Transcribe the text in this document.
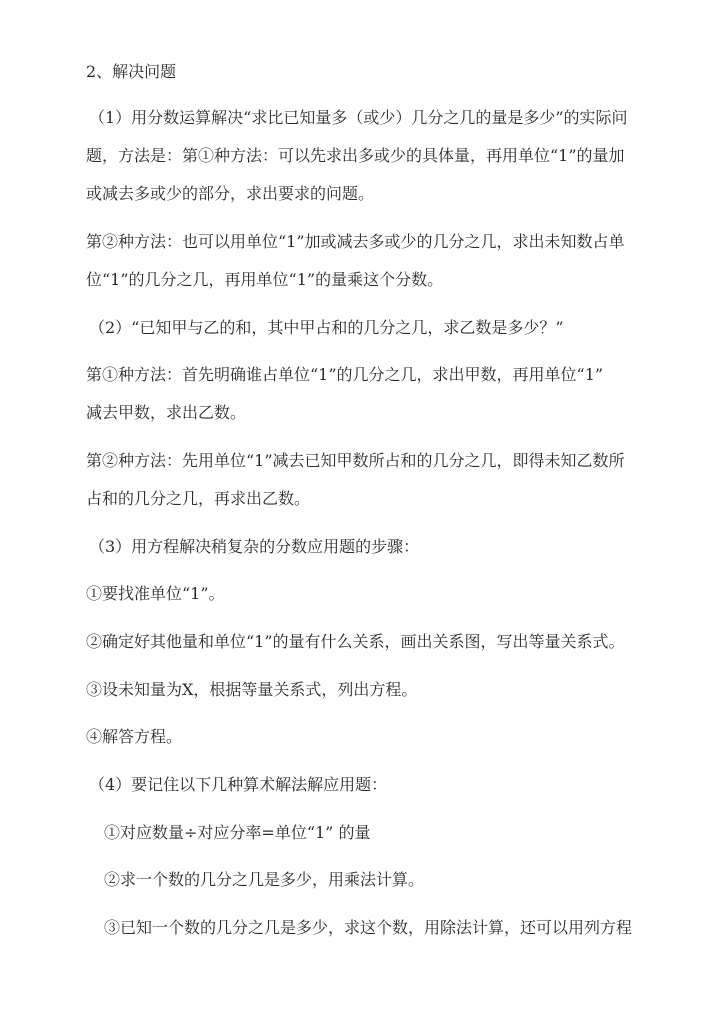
2、解决问题
（1）用分数运算解决“求比已知量多（或少）几分之几的量是多少”的实际问
题，方法是：第①种方法：可以先求出多或少的具体量，再用单位“1”的量加
或减去多或少的部分，求出要求的问题。
第②种方法：也可以用单位“1”加或减去多或少的几分之几，求出未知数占单
位“1”的几分之几，再用单位“1”的量乘这个分数。
（2）“已知甲与乙的和，其中甲占和的几分之几，求乙数是多少？”
第①种方法：首先明确谁占单位“1”的几分之几，求出甲数，再用单位“1”
减去甲数，求出乙数。
第②种方法：先用单位“1”减去已知甲数所占和的几分之几，即得未知乙数所
占和的几分之几，再求出乙数。
（3）用方程解决稍复杂的分数应用题的步骤：
①要找准单位“1”。
②确定好其他量和单位“1”的量有什么关系，画出关系图，写出等量关系式。
③设未知量为X，根据等量关系式，列出方程。
④解答方程。
（4）要记住以下几种算术解法解应用题：
①对应数量÷对应分率=单位“1” 的量
②求一个数的几分之几是多少，用乘法计算。
③已知一个数的几分之几是多少，求这个数，用除法计算，还可以用列方程
